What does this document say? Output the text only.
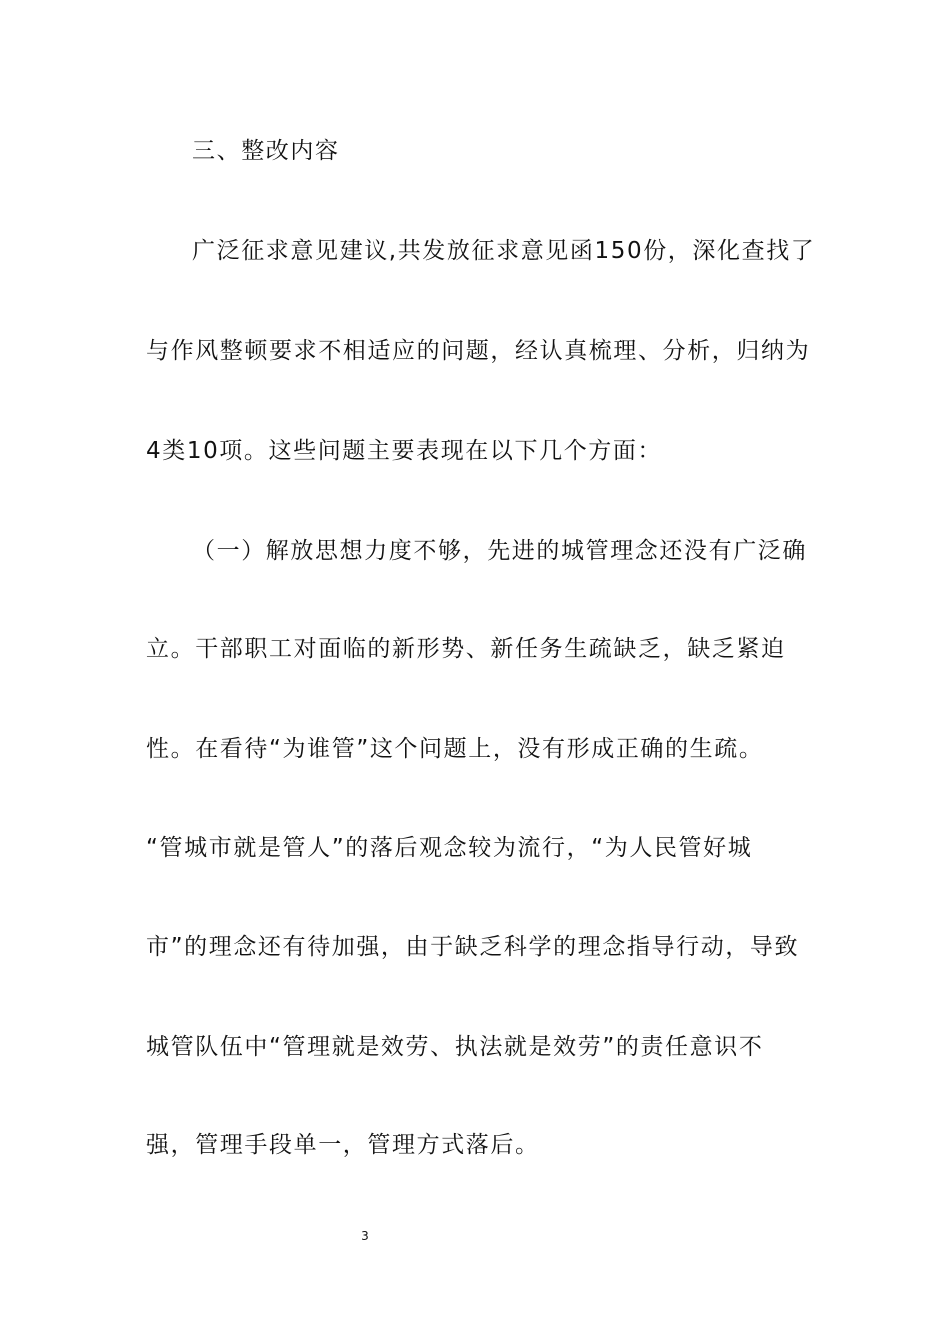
三、整改内容
广泛征求意见建议,共发放征求意见函150份，深化查找了
与作风整顿要求不相适应的问题，经认真梳理、分析，归纳为
4类10项。这些问题主要表现在以下几个方面：
（一）解放思想力度不够，先进的城管理念还没有广泛确
立。干部职工对面临的新形势、新任务生疏缺乏，缺乏紧迫
性。在看待“为谁管”这个问题上，没有形成正确的生疏。
“管城市就是管人”的落后观念较为流行，“为人民管好城
市”的理念还有待加强，由于缺乏科学的理念指导行动，导致
城管队伍中“管理就是效劳、执法就是效劳”的责任意识不
强，管理手段单一，管理方式落后。
3
